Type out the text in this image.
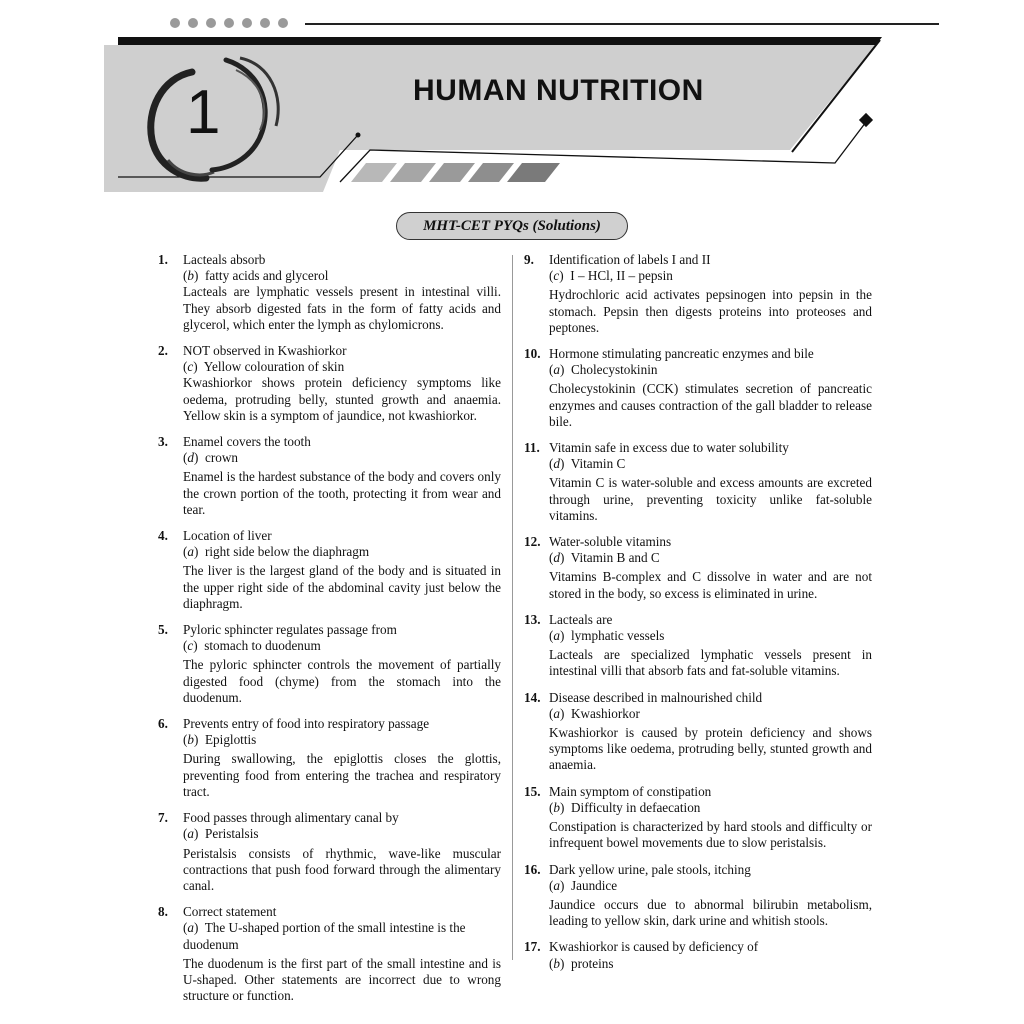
1	HUMAN NUTRITION
MHT-CET PYQs (Solutions)
1. Lacteals absorb
(b)  fatty acids and glycerol
Lacteals are lymphatic vessels present in intestinal villi. They absorb digested fats in the form of fatty acids and glycerol, which enter the lymph as chylomicrons.
2. NOT observed in Kwashiorkor
(c)  Yellow colouration of skin
Kwashiorkor shows protein deficiency symptoms like oedema, protruding belly, stunted growth and anaemia. Yellow skin is a symptom of jaundice, not kwashiorkor.
3. Enamel covers the tooth
(d)  crown
Enamel is the hardest substance of the body and covers only the crown portion of the tooth, protecting it from wear and tear.
4. Location of liver
(a)  right side below the diaphragm
The liver is the largest gland of the body and is situated in the upper right side of the abdominal cavity just below the diaphragm.
5. Pyloric sphincter regulates passage from
(c)  stomach to duodenum
The pyloric sphincter controls the movement of partially digested food (chyme) from the stomach into the duodenum.
6. Prevents entry of food into respiratory passage
(b)  Epiglottis
During swallowing, the epiglottis closes the glottis, preventing food from entering the trachea and respiratory tract.
7. Food passes through alimentary canal by
(a)  Peristalsis
Peristalsis consists of rhythmic, wave-like muscular contractions that push food forward through the alimentary canal.
8. Correct statement
(a)  The U-shaped portion of the small intestine is the duodenum
The duodenum is the first part of the small intestine and is U-shaped. Other statements are incorrect due to wrong structure or function.
9. Identification of labels I and II
(c)  I – HCl, II – pepsin
Hydrochloric acid activates pepsinogen into pepsin in the stomach. Pepsin then digests proteins into proteoses and peptones.
10. Hormone stimulating pancreatic enzymes and bile
(a)  Cholecystokinin
Cholecystokinin (CCK) stimulates secretion of pancreatic enzymes and causes contraction of the gall bladder to release bile.
11. Vitamin safe in excess due to water solubility
(d)  Vitamin C
Vitamin C is water-soluble and excess amounts are excreted through urine, preventing toxicity unlike fat-soluble vitamins.
12. Water-soluble vitamins
(d)  Vitamin B and C
Vitamins B-complex and C dissolve in water and are not stored in the body, so excess is eliminated in urine.
13. Lacteals are
(a)  lymphatic vessels
Lacteals are specialized lymphatic vessels present in intestinal villi that absorb fats and fat-soluble vitamins.
14. Disease described in malnourished child
(a)  Kwashiorkor
Kwashiorkor is caused by protein deficiency and shows symptoms like oedema, protruding belly, stunted growth and anaemia.
15. Main symptom of constipation
(b)  Difficulty in defaecation
Constipation is characterized by hard stools and difficulty or infrequent bowel movements due to slow peristalsis.
16. Dark yellow urine, pale stools, itching
(a)  Jaundice
Jaundice occurs due to abnormal bilirubin metabolism, leading to yellow skin, dark urine and whitish stools.
17. Kwashiorkor is caused by deficiency of
(b)  proteins
